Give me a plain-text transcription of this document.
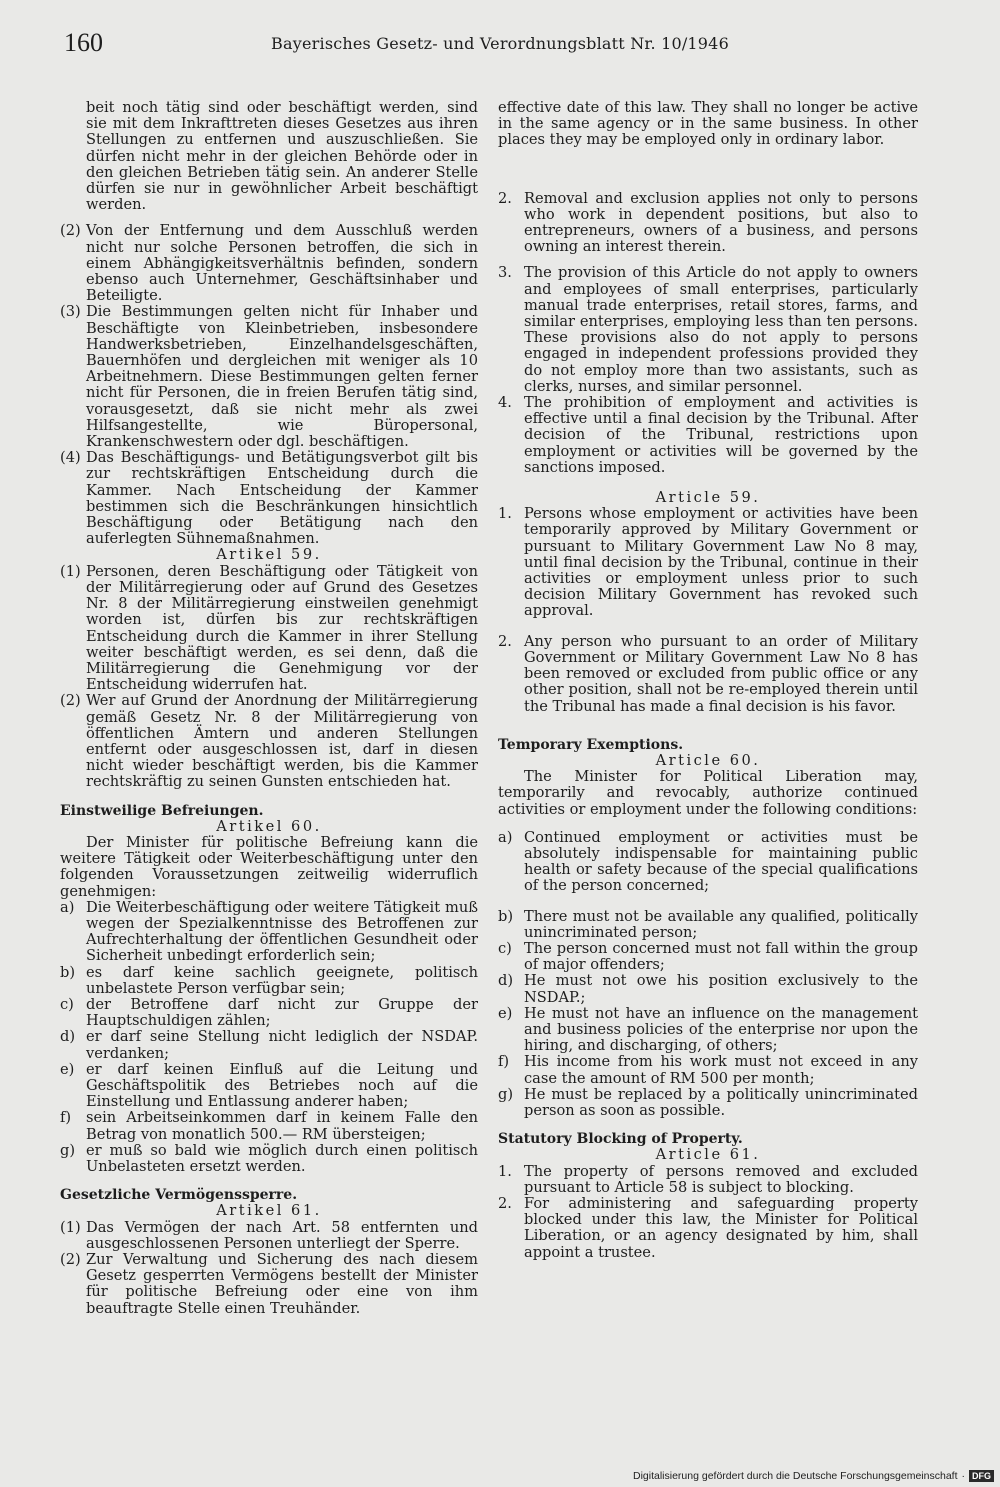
160	Bayerisches Gesetz- und Verordnungsblatt Nr. 10/1946

beit noch tätig sind oder beschäftigt werden, sind sie mit dem Inkrafttreten dieses Gesetzes aus ihren Stellungen zu entfernen und auszuschließen. Sie dürfen nicht mehr in der gleichen Behörde oder in den gleichen Betrieben tätig sein. An anderer Stelle dürfen sie nur in gewöhnlicher Arbeit beschäftigt werden.

(2) Von der Entfernung und dem Ausschluß werden nicht nur solche Personen betroffen, die sich in einem Abhängigkeitsverhältnis befinden, sondern ebenso auch Unternehmer, Geschäftsinhaber und Beteiligte.
(3) Die Bestimmungen gelten nicht für Inhaber und Beschäftigte von Kleinbetrieben, insbesondere Handwerksbetrieben, Einzelhandelsgeschäften, Bauernhöfen und dergleichen mit weniger als 10 Arbeitnehmern. Diese Bestimmungen gelten ferner nicht für Personen, die in freien Berufen tätig sind, vorausgesetzt, daß sie nicht mehr als zwei Hilfsangestellte, wie Büropersonal, Krankenschwestern oder dgl. beschäftigen.
(4) Das Beschäftigungs- und Betätigungsverbot gilt bis zur rechtskräftigen Entscheidung durch die Kammer. Nach Entscheidung der Kammer bestimmen sich die Beschränkungen hinsichtlich Beschäftigung oder Betätigung nach den auferlegten Sühnemaßnahmen.

Artikel 59.

(1) Personen, deren Beschäftigung oder Tätigkeit von der Militärregierung oder auf Grund des Gesetzes Nr. 8 der Militärregierung einstweilen genehmigt worden ist, dürfen bis zur rechtskräftigen Entscheidung durch die Kammer in ihrer Stellung weiter beschäftigt werden, es sei denn, daß die Militärregierung die Genehmigung vor der Entscheidung widerrufen hat.
(2) Wer auf Grund der Anordnung der Militärregierung gemäß Gesetz Nr. 8 der Militärregierung von öffentlichen Ämtern und anderen Stellungen entfernt oder ausgeschlossen ist, darf in diesen nicht wieder beschäftigt werden, bis die Kammer rechtskräftig zu seinen Gunsten entschieden hat.

Einstweilige Befreiungen.

Artikel 60.

Der Minister für politische Befreiung kann die weitere Tätigkeit oder Weiterbeschäftigung unter den folgenden Voraussetzungen zeitweilig widerruflich genehmigen:

a) Die Weiterbeschäftigung oder weitere Tätigkeit muß wegen der Spezialkenntnisse des Betroffenen zur Aufrechterhaltung der öffentlichen Gesundheit oder Sicherheit unbedingt erforderlich sein;
b) es darf keine sachlich geeignete, politisch unbelastete Person verfügbar sein;
c) der Betroffene darf nicht zur Gruppe der Hauptschuldigen zählen;
d) er darf seine Stellung nicht lediglich der NSDAP. verdanken;
e) er darf keinen Einfluß auf die Leitung und Geschäftspolitik des Betriebes noch auf die Einstellung und Entlassung anderer haben;
f)	sein Arbeitseinkommen darf in keinem Falle den Betrag von monatlich 500.— RM übersteigen;
g) er muß so bald wie möglich durch einen politisch Unbelasteten ersetzt werden.

Gesetzliche Vermögenssperre.

Artikel 61.

(1) Das Vermögen der nach Art. 58 entfernten und ausgeschlossenen Personen unterliegt der Sperre.
(2) Zur Verwaltung und Sicherung des nach diesem Gesetz gesperrten Vermögens bestellt der Minister für politische Befreiung oder eine von ihm beauftragte Stelle einen Treuhänder.

effective date of this law. They shall no longer be active in the same agency or in the same business. In other places they may be employed only in ordinary labor.

2. Removal and exclusion applies not only to persons who work in dependent positions, but also to entrepreneurs, owners of a business, and persons owning an interest therein.
3. The provision of this Article do not apply to owners and employees of small enterprises, particularly manual trade enterprises, retail stores, farms, and similar enterprises, employing less than ten persons. These provisions also do not apply to persons engaged in independent professions provided they do not employ more than two assistants, such as clerks, nurses, and similar personnel.
4. The prohibition of employment and activities is effective until a final decision by the Tribunal. After decision of the Tribunal, restrictions upon employment or activities will be governed by the sanctions imposed.

Article 59.

1. Persons whose employment or activities have been temporarily approved by Military Government or pursuant to Military Government Law No 8 may, until final decision by the Tribunal, continue in their activities or employment unless prior to such decision Military Government has revoked such approval.
2. Any person who pursuant to an order of Military Government or Military Government Law No 8 has been removed or excluded from public office or any other position, shall not be re-employed therein until the Tribunal has made a final decision is his favor.

Temporary Exemptions.

Article 60.

The Minister for Political Liberation may, temporarily and revocably, authorize continued activities or employment under the following conditions:

a) Continued employment or activities must be absolutely indispensable for maintaining public health or safety because of the special qualifications of the person concerned;
b) There must not be available any qualified, politically unincriminated person;
c) The person concerned must not fall within the group of major offenders;
d) He must not owe his position exclusively to the NSDAP.;
e) He must not have an influence on the management and business policies of the enterprise nor upon the hiring, and discharging, of others;
f)	His income from his work must not exceed in any case the amount of RM 500 per month;
g) He must be replaced by a politically unincriminated person as soon as possible.

Statutory Blocking of Property.

Article 61.

1. The property of persons removed and excluded pursuant to Article 58 is subject to blocking.
2. For administering and safeguarding property blocked under this law, the Minister for Political Liberation, or an agency designated by him, shall appoint a trustee.
Digitalisierung gefördert durch die Deutsche Forschungsgemeinschaft · DFG
